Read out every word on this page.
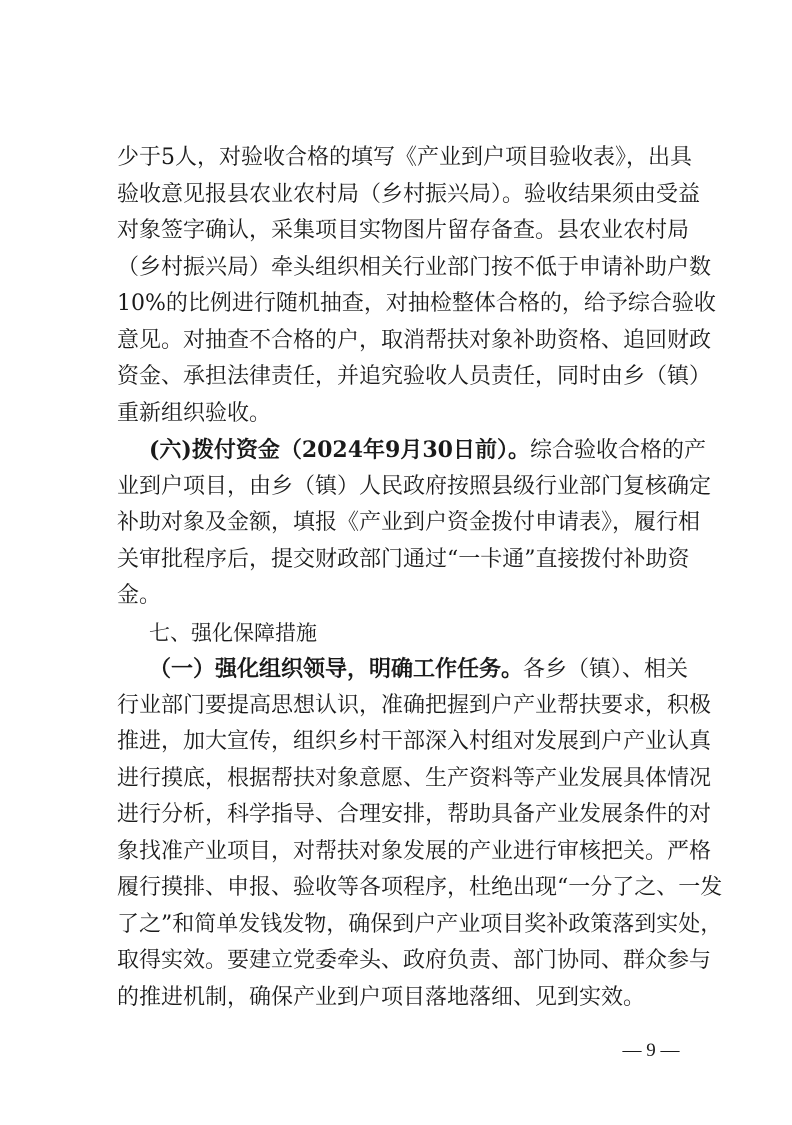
少于5人，对验收合格的填写《产业到户项目验收表》，出具
验收意见报县农业农村局（乡村振兴局）。验收结果须由受益
对象签字确认，采集项目实物图片留存备查。县农业农村局
（乡村振兴局）牵头组织相关行业部门按不低于申请补助户数
10%的比例进行随机抽查，对抽检整体合格的，给予综合验收
意见。对抽查不合格的户，取消帮扶对象补助资格、追回财政
资金、承担法律责任，并追究验收人员责任，同时由乡（镇）
重新组织验收。
(六)拨付资金（2024年9月30日前）。综合验收合格的产
业到户项目，由乡（镇）人民政府按照县级行业部门复核确定
补助对象及金额，填报《产业到户资金拨付申请表》，履行相
关审批程序后，提交财政部门通过“一卡通”直接拨付补助资
金。
七、强化保障措施
（一）强化组织领导，明确工作任务。各乡（镇）、相关
行业部门要提高思想认识，准确把握到户产业帮扶要求，积极
推进，加大宣传，组织乡村干部深入村组对发展到户产业认真
进行摸底，根据帮扶对象意愿、生产资料等产业发展具体情况
进行分析，科学指导、合理安排，帮助具备产业发展条件的对
象找准产业项目，对帮扶对象发展的产业进行审核把关。严格
履行摸排、申报、验收等各项程序，杜绝出现“一分了之、一发
了之”和简单发钱发物，确保到户产业项目奖补政策落到实处，
取得实效。要建立党委牵头、政府负责、部门协同、群众参与
的推进机制，确保产业到户项目落地落细、见到实效。
— 9 —
